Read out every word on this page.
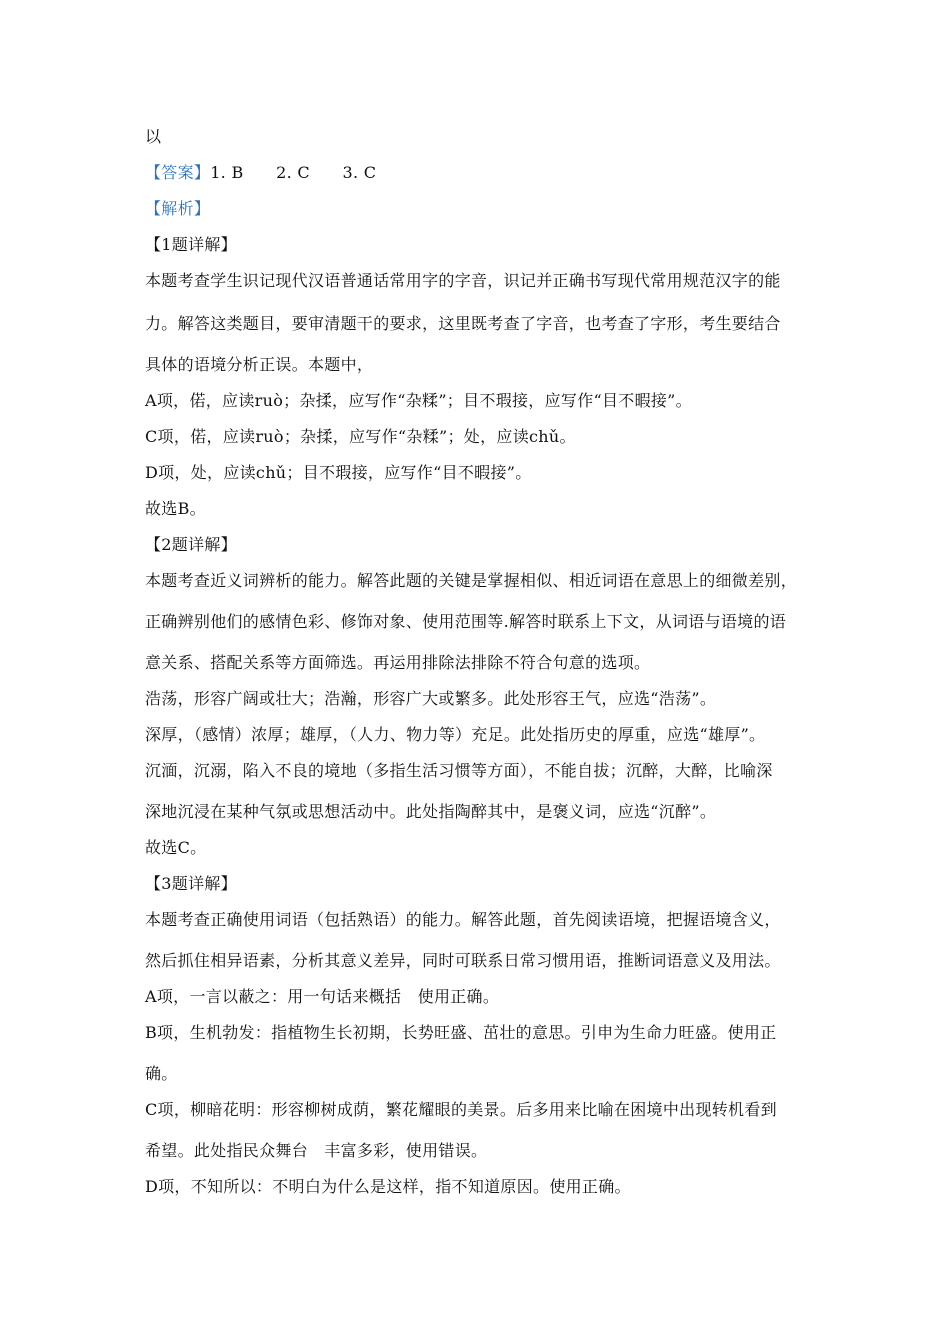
以
【答案】1. B　　2. C　　3. C
【解析】
【1题详解】
本题考查学生识记现代汉语普通话常用字的字音，识记并正确书写现代常用规范汉字的能
力。解答这类题目，要审清题干的要求，这里既考查了字音，也考查了字形，考生要结合
具体的语境分析正误。本题中，
A项，偌，应读ruò；杂揉，应写作“杂糅”；目不瑕接，应写作“目不暇接”。
C项，偌，应读ruò；杂揉，应写作“杂糅”；处，应读chǔ。
D项，处，应读chǔ；目不瑕接，应写作“目不暇接”。
故选B。
【2题详解】
本题考查近义词辨析的能力。解答此题的关键是掌握相似、相近词语在意思上的细微差别，
正确辨别他们的感情色彩、修饰对象、使用范围等.解答时联系上下文，从词语与语境的语
意关系、搭配关系等方面筛选。再运用排除法排除不符合句意的选项。
浩荡，形容广阔或壮大；浩瀚，形容广大或繁多。此处形容王气，应选“浩荡”。
深厚，（感情）浓厚；雄厚，（人力、物力等）充足。此处指历史的厚重，应选“雄厚”。
沉湎，沉溺，陷入不良的境地（多指生活习惯等方面），不能自拔；沉醉，大醉，比喻深
深地沉浸在某种气氛或思想活动中。此处指陶醉其中，是褒义词，应选“沉醉”。
故选C。
【3题详解】
本题考查正确使用词语（包括熟语）的能力。解答此题，首先阅读语境，把握语境含义，
然后抓住相异语素，分析其意义差异，同时可联系日常习惯用语，推断词语意义及用法。
A项，一言以蔽之：用一句话来概括　使用正确。
B项，生机勃发：指植物生长初期，长势旺盛、茁壮的意思。引申为生命力旺盛。使用正
确。
C项，柳暗花明：形容柳树成荫，繁花耀眼的美景。后多用来比喻在困境中出现转机看到
希望。此处指民众舞台　丰富多彩，使用错误。
D项，不知所以：不明白为什么是这样，指不知道原因。使用正确。
